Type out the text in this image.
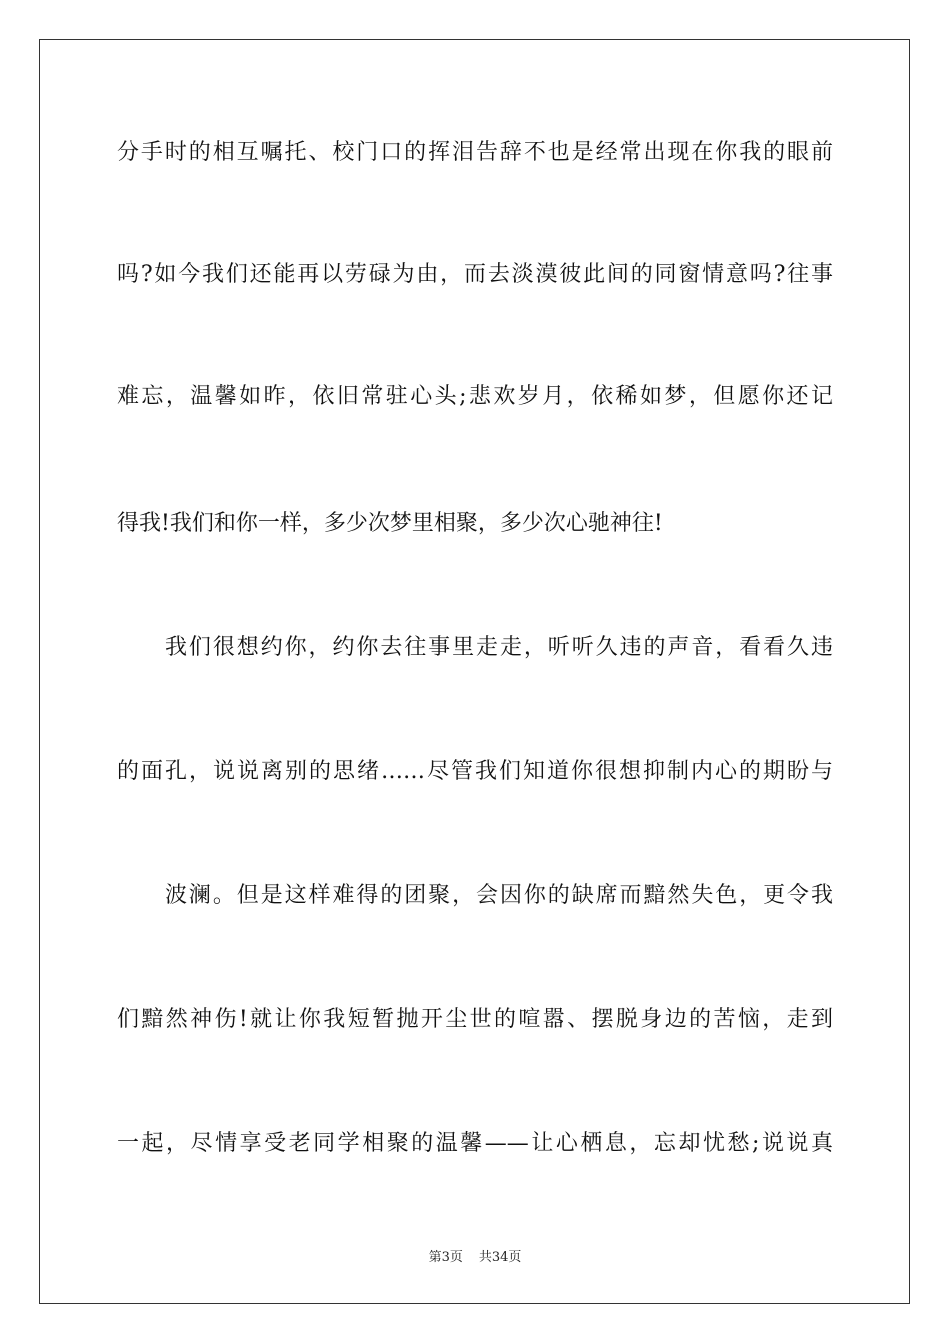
分手时的相互嘱托、校门口的挥泪告辞不也是经常出现在你我的眼前
吗?如今我们还能再以劳碌为由，而去淡漠彼此间的同窗情意吗?往事
难忘，温馨如昨，依旧常驻心头;悲欢岁月，依稀如梦，但愿你还记
得我!我们和你一样，多少次梦里相聚，多少次心驰神往!
我们很想约你，约你去往事里走走，听听久违的声音，看看久违
的面孔，说说离别的思绪……尽管我们知道你很想抑制内心的期盼与
波澜。但是这样难得的团聚，会因你的缺席而黯然失色，更令我
们黯然神伤!就让你我短暂抛开尘世的喧嚣、摆脱身边的苦恼，走到
一起，尽情享受老同学相聚的温馨——让心栖息，忘却忧愁;说说真
第3页 共34页
